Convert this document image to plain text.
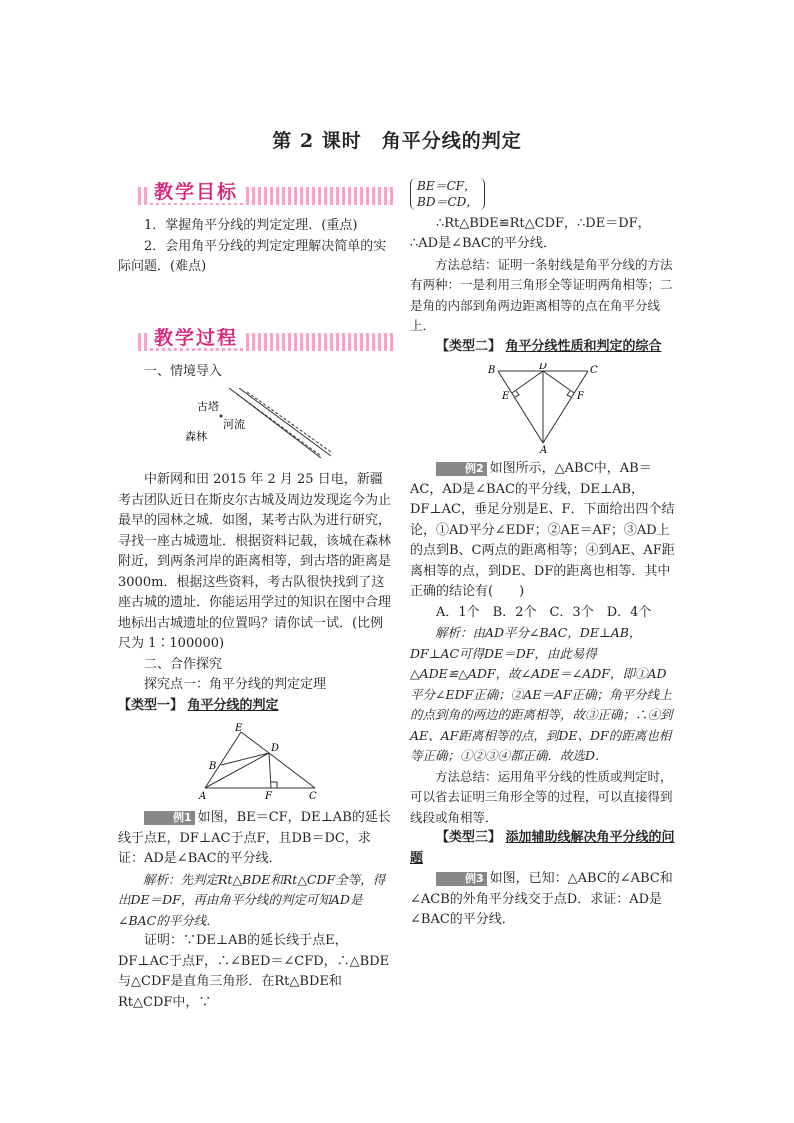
第 2 课时　角平分线的判定
教学目标

1．掌握角平分线的判定定理．(重点)

2．会用角平分线的判定定理解决简单的实际问题．(难点)

教学过程

一、情境导入

古塔
河流
森林

中新网和田 2015 年 2 月 25 日电，新疆考古团队近日在斯皮尔古城及周边发现迄今为止最早的园林之城．如图，某考古队为进行研究，寻找一座古城遗址．根据资料记载，该城在森林附近，到两条河岸的距离相等，到古塔的距离是 3000m．根据这些资料，考古队很快找到了这座古城的遗址．你能运用学过的知识在图中合理地标出古城遗址的位置吗？请你试一试．(比例尺为 1∶100000)

二、合作探究

探究点一：角平分线的判定定理

【类型一】 角平分线的判定

E
D
B
A	F	C

例1 如图，BE＝CF，DE⊥AB的延长线于点E，DF⊥AC于点F，且DB＝DC，求证：AD是∠BAC的平分线．

解析：先判定Rt△BDE和Rt△CDF全等，得出DE＝DF，再由角平分线的判定可知AD是∠BAC的平分线．

证明：∵DE⊥AB的延长线于点E，DF⊥AC于点F，∴∠BED＝∠CFD，∴△BDE与△CDF是直角三角形．在Rt△BDE和Rt△CDF中，∵

BE＝CF，
BD＝CD，

∴Rt△BDE≌Rt△CDF，∴DE＝DF，∴AD是∠BAC的平分线．

方法总结：证明一条射线是角平分线的方法有两种：一是利用三角形全等证明两角相等；二是角的内部到角两边距离相等的点在角平分线上．

【类型二】 角平分线性质和判定的综合

B	D	C
E	F
A

例2 如图所示，△ABC中，AB＝AC，AD是∠BAC的平分线，DE⊥AB，DF⊥AC，垂足分别是E、F．下面给出四个结论，①AD平分∠EDF；②AE＝AF；③AD上的点到B、C两点的距离相等；④到AE、AF距离相等的点，到DE、DF的距离也相等．其中正确的结论有(　　)

A．1个　B．2个　C．3个　D．4个

解析：由AD平分∠BAC，DE⊥AB，DF⊥AC可得DE＝DF，由此易得△ADE≌△ADF，故∠ADE＝∠ADF，即①AD平分∠EDF正确；②AE＝AF正确；角平分线上的点到角的两边的距离相等，故③正确；∴④到AE、AF距离相等的点，到DE、DF的距离也相等正确；①②③④都正确．故选D．

方法总结：运用角平分线的性质或判定时，可以省去证明三角形全等的过程，可以直接得到线段或角相等．

【类型三】 添加辅助线解决角平分线的问题

例3 如图，已知：△ABC的∠ABC和∠ACB的外角平分线交于点D．求证：AD是∠BAC的平分线．
